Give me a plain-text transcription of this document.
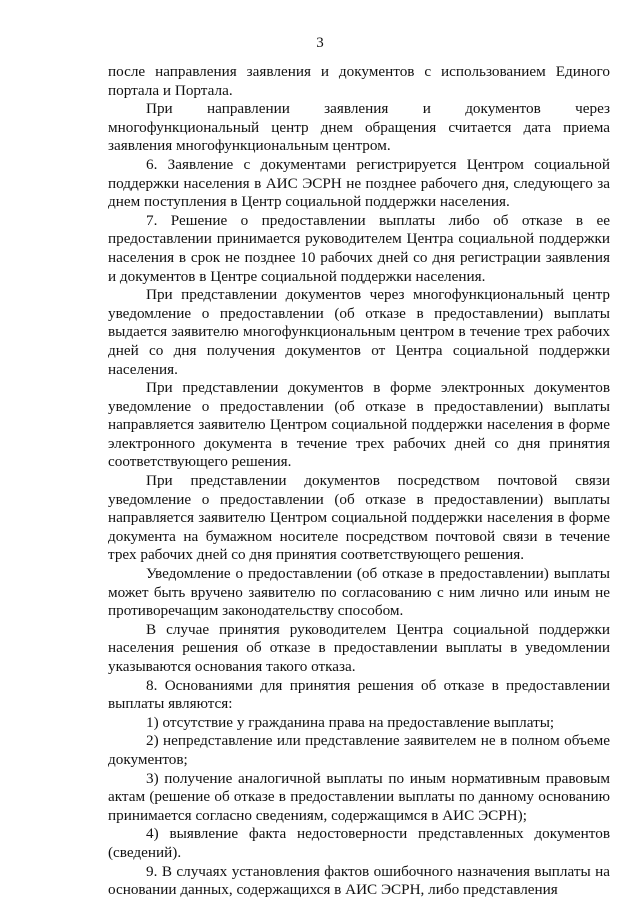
3

после направления заявления и документов с использованием Единого портала и Портала.

При направлении заявления и документов через многофункциональный центр днем обращения считается дата приема заявления многофункциональным центром.

6. Заявление с документами регистрируется Центром социальной поддержки населения в АИС ЭСРН не позднее рабочего дня, следующего за днем поступления в Центр социальной поддержки населения.

7. Решение о предоставлении выплаты либо об отказе в ее предоставлении принимается руководителем Центра социальной поддержки населения в срок не позднее 10 рабочих дней со дня регистрации заявления и документов в Центре социальной поддержки населения.

При представлении документов через многофункциональный центр уведомление о предоставлении (об отказе в предоставлении) выплаты выдается заявителю многофункциональным центром в течение трех рабочих дней со дня получения документов от Центра социальной поддержки населения.

При представлении документов в форме электронных документов уведомление о предоставлении (об отказе в предоставлении) выплаты направляется заявителю Центром социальной поддержки населения в форме электронного документа в течение трех рабочих дней со дня принятия соответствующего решения.

При представлении документов посредством почтовой связи уведомление о предоставлении (об отказе в предоставлении) выплаты направляется заявителю Центром социальной поддержки населения в форме документа на бумажном носителе посредством почтовой связи в течение трех рабочих дней со дня принятия соответствующего решения.

Уведомление о предоставлении (об отказе в предоставлении) выплаты может быть вручено заявителю по согласованию с ним лично или иным не противоречащим законодательству способом.

В случае принятия руководителем Центра социальной поддержки населения решения об отказе в предоставлении выплаты в уведомлении указываются основания такого отказа.

8. Основаниями для принятия решения об отказе в предоставлении выплаты являются:

1) отсутствие у гражданина права на предоставление выплаты;

2) непредставление или представление заявителем не в полном объеме документов;

3) получение аналогичной выплаты по иным нормативным правовым актам (решение об отказе в предоставлении выплаты по данному основанию принимается согласно сведениям, содержащимся в АИС ЭСРН);

4) выявление факта недостоверности представленных документов (сведений).

9. В случаях установления фактов ошибочного назначения выплаты на основании данных, содержащихся в АИС ЭСРН, либо представления
